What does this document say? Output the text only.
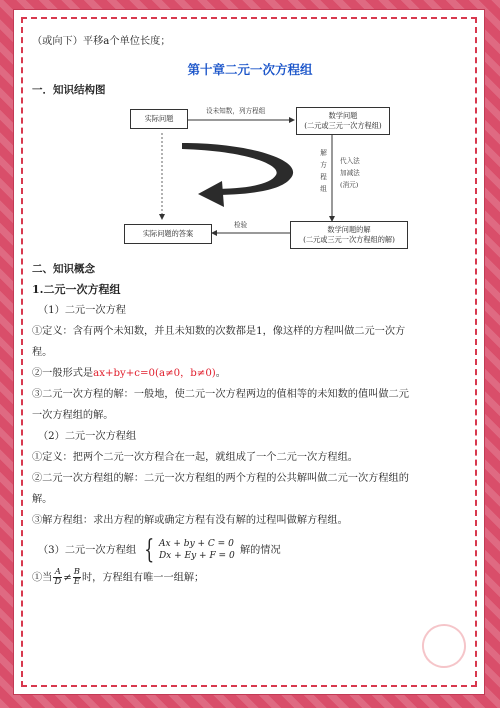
（或向下）平移a个单位长度；

第十章二元一次方程组

一．知识结构图

实际问题
设未知数，列方程组	数学问题
(二元或三元一次方程组)
解
方
程
组
代入法
加减法
(消元)
数学问题的解
(二元或三元一次方程组的解)
检验
实际问题的答案

二、知识概念

1.二元一次方程组

（1）二元一次方程

①定义：含有两个未知数，并且未知数的次数都是1，像这样的方程叫做二元一次方

程。

②一般形式是ax+by+c=0(a≠0，b≠0)。

③二元一次方程的解：一般地，使二元一次方程两边的值相等的未知数的值叫做二元

一次方程组的解。

（2）二元一次方程组

①定义：把两个二元一次方程合在一起，就组成了一个二元一次方程组。

②二元一次方程组的解：二元一次方程组的两个方程的公共解叫做二元一次方程组的

解。

③解方程组：求出方程的解或确定方程有没有解的过程叫做解方程组。

（3）二元一次方程组 { Ax + by + C = 0
Dx + Ey + F = 0 解的情况

①当 $\frac{A}{D} \ne \frac{B}{E}$ 时，方程组有唯一一组解；
